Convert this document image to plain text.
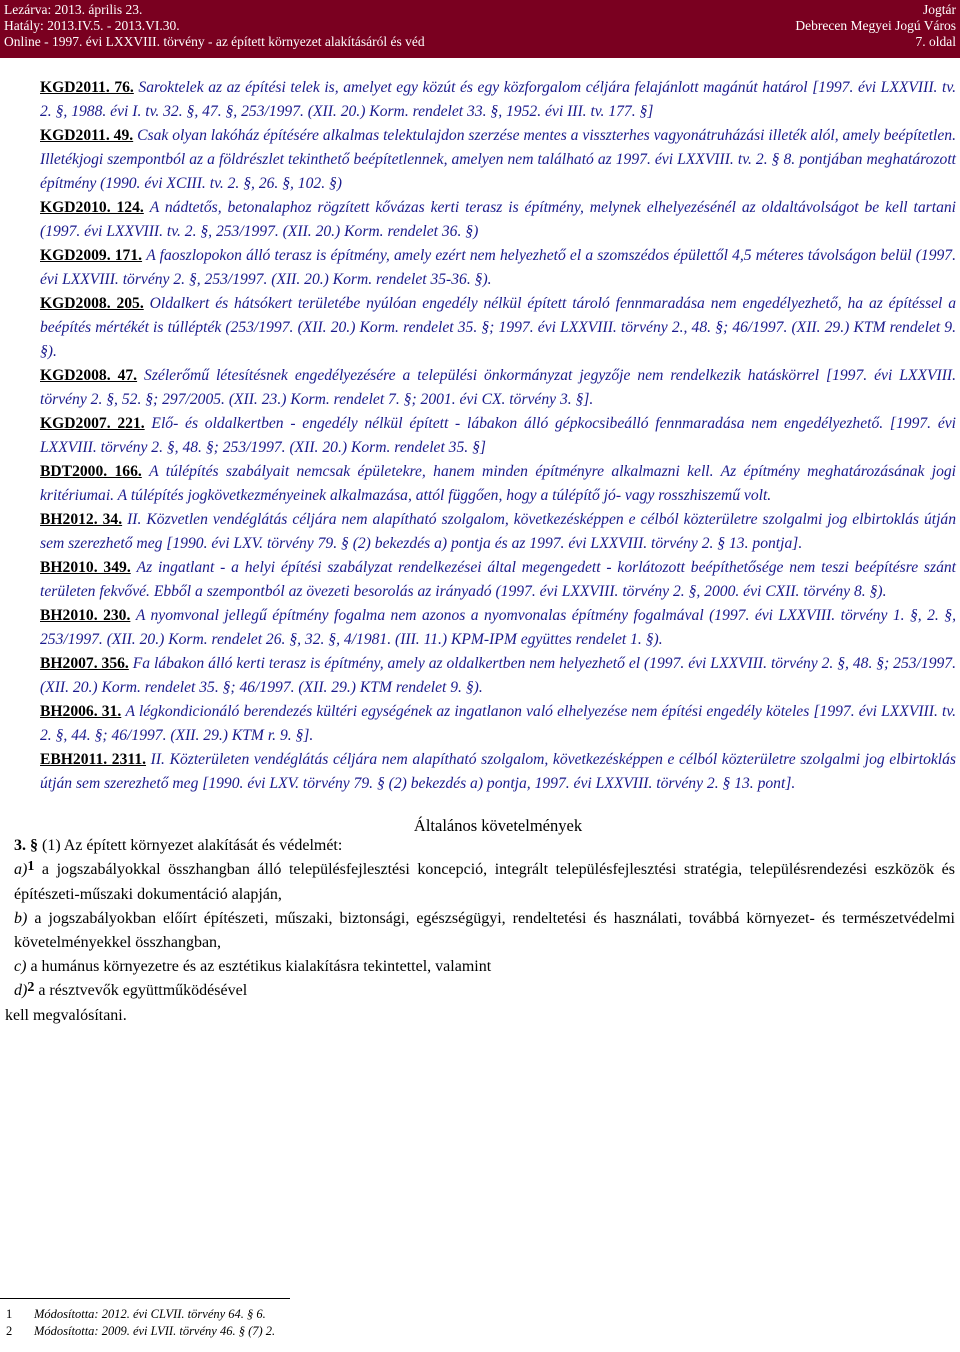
Lezárva: 2013. április 23.
Hatály: 2013.IV.5. - 2013.VI.30.
Online - 1997. évi LXXVIII. törvény - az épített környezet alakításáról és véd
Jogtár
Debrecen Megyei Jogú Város
7. oldal

KGD2011. 76. Saroktelek az az építési telek is, amelyet egy közút és egy közforgalom céljára felajánlott magánút határol [1997. évi LXXVIII. tv. 2. §, 1988. évi I. tv. 32. §, 47. §, 253/1997. (XII. 20.) Korm. rendelet 33. §, 1952. évi III. tv. 177. §]

KGD2011. 49. Csak olyan lakóház építésére alkalmas telektulajdon szerzése mentes a visszterhes vagyonátruházási illeték alól, amely beépítetlen. Illetékjogi szempontból az a földrészlet tekinthető beépítetlennek, amelyen nem található az 1997. évi LXXVIII. tv. 2. § 8. pontjában meghatározott építmény (1990. évi XCIII. tv. 2. §, 26. §, 102. §)

KGD2010. 124. A nádtetős, betonalaphoz rögzített kővázas kerti terasz is építmény, melynek elhelyezésénél az oldaltávolságot be kell tartani (1997. évi LXXVIII. tv. 2. §, 253/1997. (XII. 20.) Korm. rendelet 36. §)

KGD2009. 171. A faoszlopokon álló terasz is építmény, amely ezért nem helyezhető el a szomszédos épülettől 4,5 méteres távolságon belül (1997. évi LXXVIII. törvény 2. §, 253/1997. (XII. 20.) Korm. rendelet 35-36. §).

KGD2008. 205. Oldalkert és hátsókert területébe nyúlóan engedély nélkül épített tároló fennmaradása nem engedélyezhető, ha az építéssel a beépítés mértékét is túllépték (253/1997. (XII. 20.) Korm. rendelet 35. §; 1997. évi LXXVIII. törvény 2., 48. §; 46/1997. (XII. 29.) KTM rendelet 9. §).

KGD2008. 47. Szélerőmű létesítésnek engedélyezésére a települési önkormányzat jegyzője nem rendelkezik hatáskörrel [1997. évi LXXVIII. törvény 2. §, 52. §; 297/2005. (XII. 23.) Korm. rendelet 7. §; 2001. évi CX. törvény 3. §].

KGD2007. 221. Elő- és oldalkertben - engedély nélkül épített - lábakon álló gépkocsibeálló fennmaradása nem engedélyezhető. [1997. évi LXXVIII. törvény 2. §, 48. §; 253/1997. (XII. 20.) Korm. rendelet 35. §]

BDT2000. 166. A túlépítés szabályait nemcsak épületekre, hanem minden építményre alkalmazni kell. Az építmény meghatározásának jogi kritériumai. A túlépítés jogkövetkezményeinek alkalmazása, attól függően, hogy a túlépítő jó- vagy rosszhiszemű volt.

BH2012. 34. II. Közvetlen vendéglátás céljára nem alapítható szolgalom, következésképpen e célból közterületre szolgalmi jog elbirtoklás útján sem szerezhető meg [1990. évi LXV. törvény 79. § (2) bekezdés a) pontja és az 1997. évi LXXVIII. törvény 2. § 13. pontja].

BH2010. 349. Az ingatlant - a helyi építési szabályzat rendelkezései által megengedett - korlátozott beépíthetősége nem teszi beépítésre szánt területen fekvővé. Ebből a szempontból az övezeti besorolás az irányadó (1997. évi LXXVIII. törvény 2. §, 2000. évi CXII. törvény 8. §).

BH2010. 230. A nyomvonal jellegű építmény fogalma nem azonos a nyomvonalas építmény fogalmával (1997. évi LXXVIII. törvény 1. §, 2. §, 253/1997. (XII. 20.) Korm. rendelet 26. §, 32. §, 4/1981. (III. 11.) KPM-IPM együttes rendelet 1. §).

BH2007. 356. Fa lábakon álló kerti terasz is építmény, amely az oldalkertben nem helyezhető el (1997. évi LXXVIII. törvény 2. §, 48. §; 253/1997. (XII. 20.) Korm. rendelet 35. §; 46/1997. (XII. 29.) KTM rendelet 9. §).

BH2006. 31. A légkondicionáló berendezés kültéri egységének az ingatlanon való elhelyezése nem építési engedély köteles [1997. évi LXXVIII. tv. 2. §, 44. §; 46/1997. (XII. 29.) KTM r. 9. §].

EBH2011. 2311. II. Közterületen vendéglátás céljára nem alapítható szolgalom, következésképpen e célból közterületre szolgalmi jog elbirtoklás útján sem szerezhető meg [1990. évi LXV. törvény 79. § (2) bekezdés a) pontja, 1997. évi LXXVIII. törvény 2. § 13. pont].

Általános követelmények

3. § (1) Az épített környezet alakítását és védelmét:

a)1 a jogszabályokkal összhangban álló településfejlesztési koncepció, integrált településfejlesztési stratégia, településrendezési eszközök és építészeti-műszaki dokumentáció alapján,

b) a jogszabályokban előírt építészeti, műszaki, biztonsági, egészségügyi, rendeltetési és használati, továbbá környezet- és természetvédelmi követelményekkel összhangban,

c) a humánus környezetre és az esztétikus kialakításra tekintettel, valamint

d)2 a résztvevők együttműködésével

kell megvalósítani.

1 Módosította: 2012. évi CLVII. törvény 64. § 6.
2 Módosította: 2009. évi LVII. törvény 46. § (7) 2.
